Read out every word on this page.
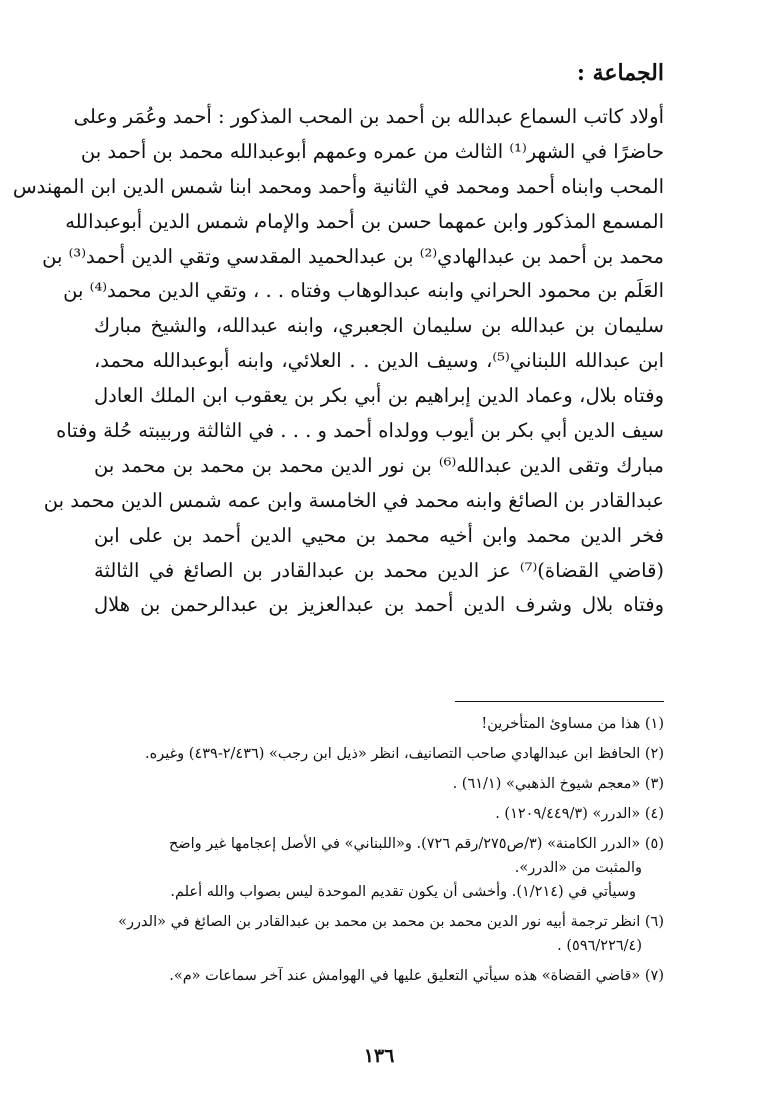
الجماعة :
أولاد كاتب السماع عبدالله بن أحمد بن المحب المذكور : أحمد وعُمَر وعلى
حاضرًا في الشهر⁽¹⁾ الثالث من عمره وعمهم أبوعبدالله محمد بن أحمد بن
المحب وابناه أحمد ومحمد في الثانية وأحمد ومحمد ابنا شمس الدين ابن المهندس
المسمع المذكور وابن عمهما حسن بن أحمد والإمام شمس الدين أبوعبدالله
محمد بن أحمد بن عبدالهادي⁽²⁾ بن عبدالحميد المقدسي وتقي الدين أحمد⁽³⁾ بن
العَلَم بن محمود الحراني وابنه عبدالوهاب وفتاه . . ، وتقي الدين محمد⁽⁴⁾ بن
سليمان بن عبدالله بن سليمان الجعبري، وابنه عبدالله، والشيخ مبارك
ابن عبدالله اللبناني⁽⁵⁾، وسيف الدين . . العلائي، وابنه أبوعبدالله محمد،
وفتاه بلال، وعماد الدين إبراهيم بن أبي بكر بن يعقوب ابن الملك العادل
سيف الدين أبي بكر بن أيوب وولداه أحمد و . . . في الثالثة وربيبته حُلة وفتاه
مبارك وتقى الدين عبدالله⁽⁶⁾ بن نور الدين محمد بن محمد بن محمد بن
عبدالقادر بن الصائغ وابنه محمد في الخامسة وابن عمه شمس الدين محمد بن
فخر الدين محمد وابن أخيه محمد بن محيي الدين أحمد بن على ابن
(قاضي القضاة)⁽⁷⁾ عز الدين محمد بن عبدالقادر بن الصائغ في الثالثة
وفتاه بلال وشرف الدين أحمد بن عبدالعزيز بن عبدالرحمن بن هلال
(١) هذا من مساوئ المتأخرين!
(٢) الحافظ ابن عبدالهادي صاحب التصانيف، انظر «ذيل ابن رجب» (٢/٤٣٦-٤٣٩) وغيره.
(٣) «معجم شيوخ الذهبي» (٦١/١) .
(٤) «الدرر» (١٢٠٩/٤٤٩/٣) .
(٥) «الدرر الكامنة» (٣/ص٢٧٥/رقم ٧٢٦). و«اللبناني» في الأصل إعجامها غير واضح
والمثبت من «الدرر».
وسيأتي في (١/٢١٤). وأخشى أن يكون تقديم الموحدة ليس بصواب والله أعلم.
(٦) انظر ترجمة أبيه نور الدين محمد بن محمد بن محمد بن عبدالقادر بن الصائغ في «الدرر»
(٥٩٦/٢٢٦/٤) .
(٧) «قاضي القضاة» هذه سيأتي التعليق عليها في الهوامش عند آخر سماعات «م».
١٣٦
